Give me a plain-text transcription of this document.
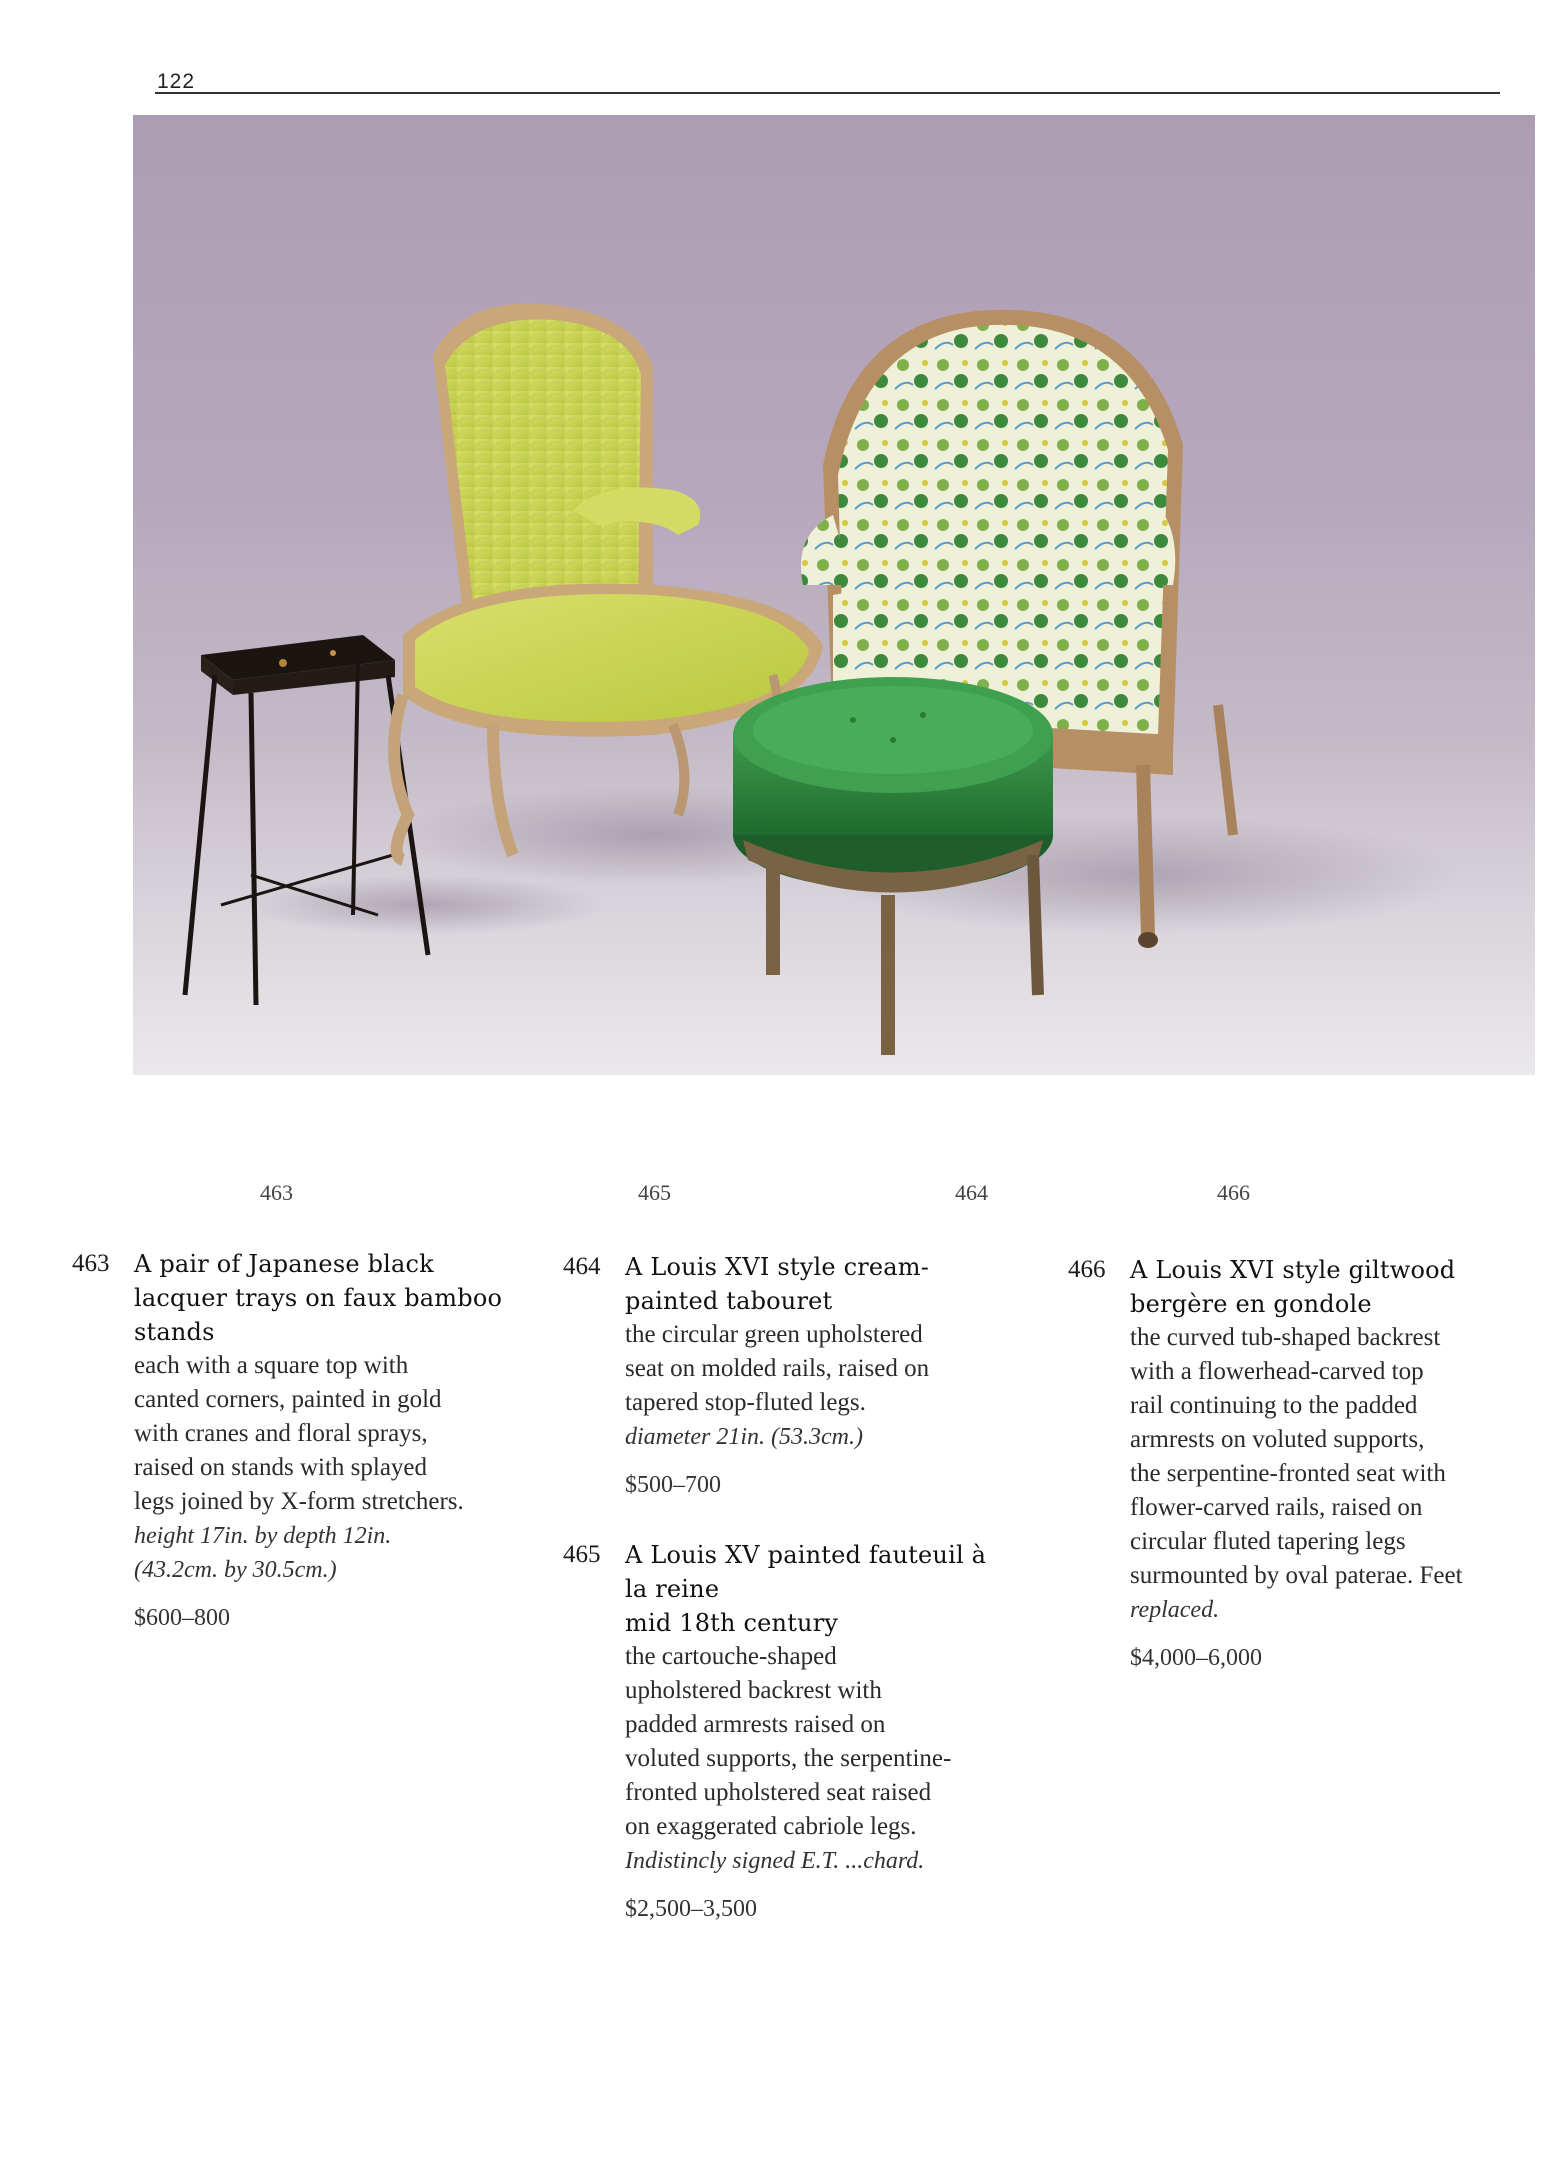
122
463	465	464	466
463 A pair of Japanese black
lacquer trays on faux bamboo
stands
each with a square top with
canted corners, painted in gold
with cranes and floral sprays,
raised on stands with splayed
legs joined by X-form stretchers.
height 17in. by depth 12in.
(43.2cm. by 30.5cm.)
$600–800
464 A Louis XVI style cream-
painted tabouret
the circular green upholstered
seat on molded rails, raised on
tapered stop-fluted legs.
diameter 21in. (53.3cm.)
$500–700
465 A Louis XV painted fauteuil à
la reine
mid 18th century
the cartouche-shaped
upholstered backrest with
padded armrests raised on
voluted supports, the serpentine-
fronted upholstered seat raised
on exaggerated cabriole legs.
Indistincly signed E.T. ...chard.
$2,500–3,500
466 A Louis XVI style giltwood
bergère en gondole
the curved tub-shaped backrest
with a flowerhead-carved top
rail continuing to the padded
armrests on voluted supports,
the serpentine-fronted seat with
flower-carved rails, raised on
circular fluted tapering legs
surmounted by oval paterae. Feet
replaced.
$4,000–6,000
